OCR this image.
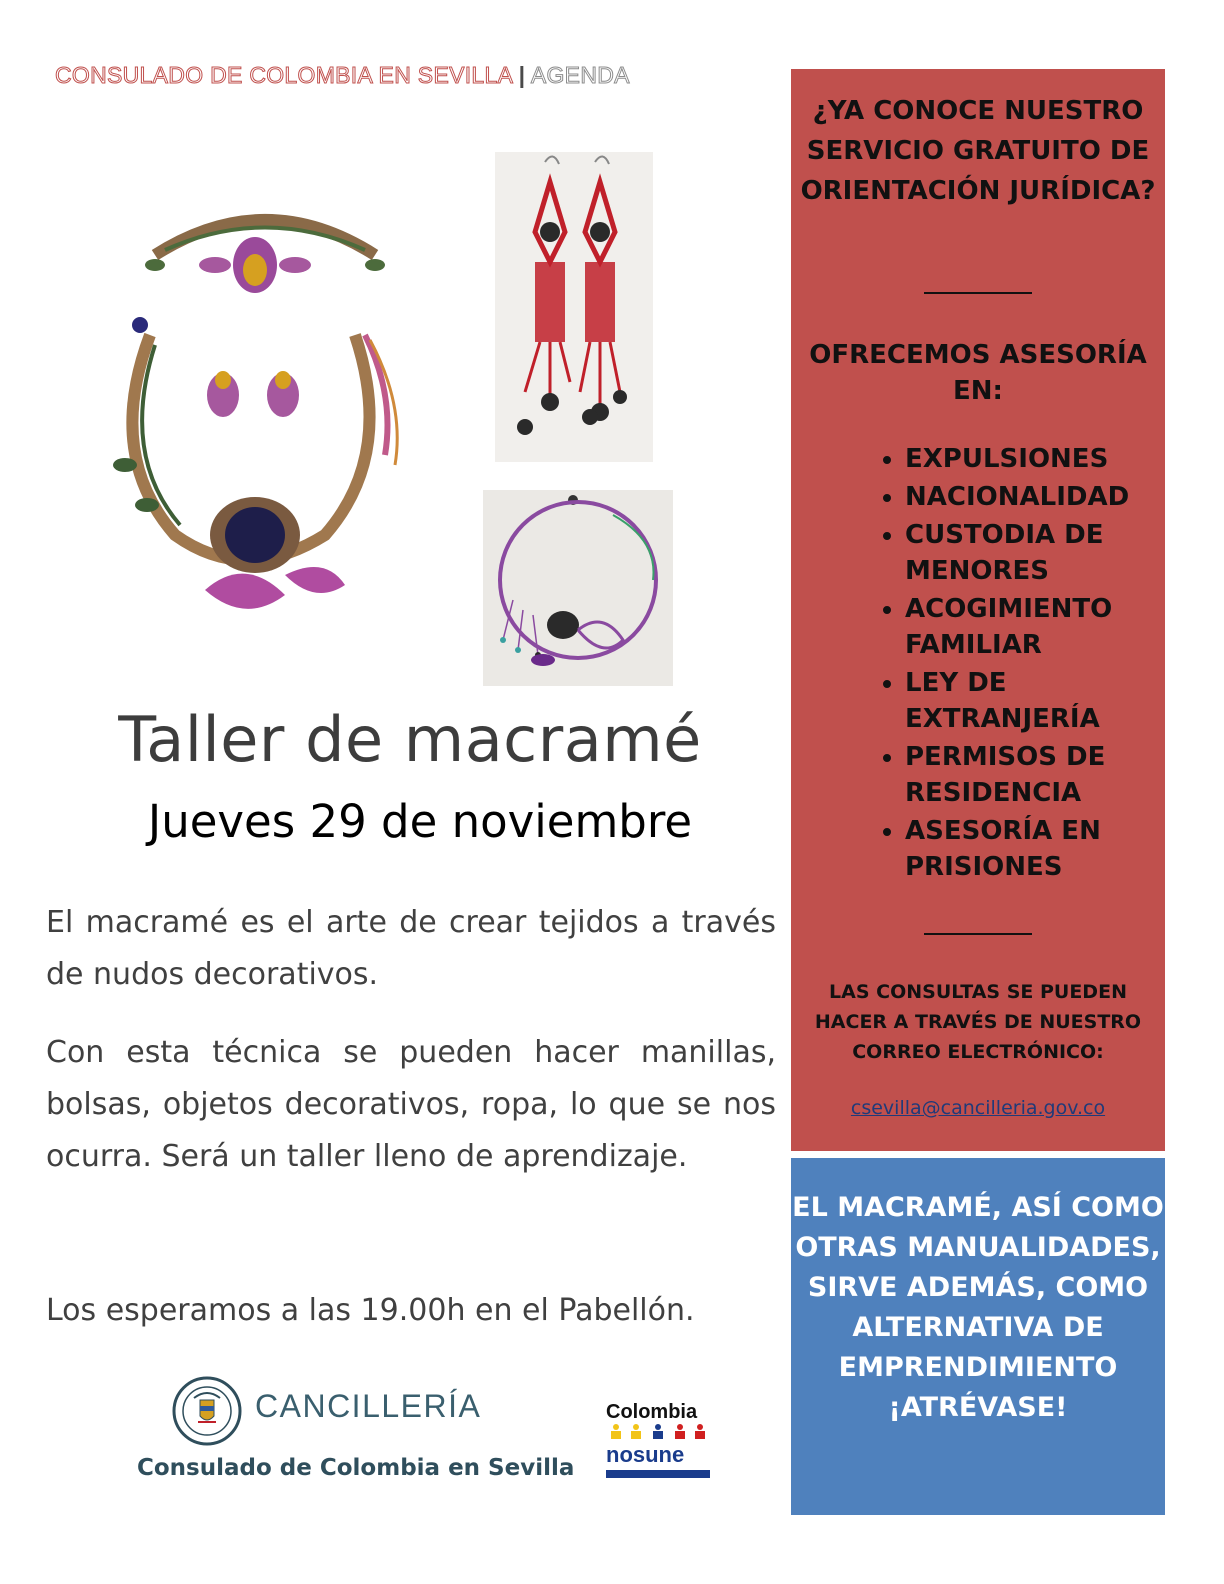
CONSULADO DE COLOMBIA EN SEVILLA | AGENDA
Taller de macramé
Jueves 29 de noviembre

El macramé es el arte de crear tejidos a través de nudos decorativos.

Con esta técnica se pueden hacer manillas, bolsas, objetos decorativos, ropa, lo que se nos ocurra. Será un taller lleno de aprendizaje.

Los esperamos a las 19.00h en el Pabellón.

CANCILLERÍA
Consulado de Colombia en Sevilla
Colombia
nosune
¿YA CONOCE NUESTRO SERVICIO GRATUITO DE ORIENTACIÓN JURÍDICA?
OFRECEMOS ASESORÍA EN:
• EXPULSIONES
• NACIONALIDAD
• CUSTODIA DE MENORES
• ACOGIMIENTO FAMILIAR
• LEY DE EXTRANJERÍA
• PERMISOS DE RESIDENCIA
• ASESORÍA EN PRISIONES
LAS CONSULTAS SE PUEDEN HACER A TRAVÉS DE NUESTRO CORREO ELECTRÓNICO:
csevilla@cancilleria.gov.co
EL MACRAMÉ, ASÍ COMO OTRAS MANUALIDADES, SIRVE ADEMÁS, COMO ALTERNATIVA DE EMPRENDIMIENTO ¡ATRÉVASE!
